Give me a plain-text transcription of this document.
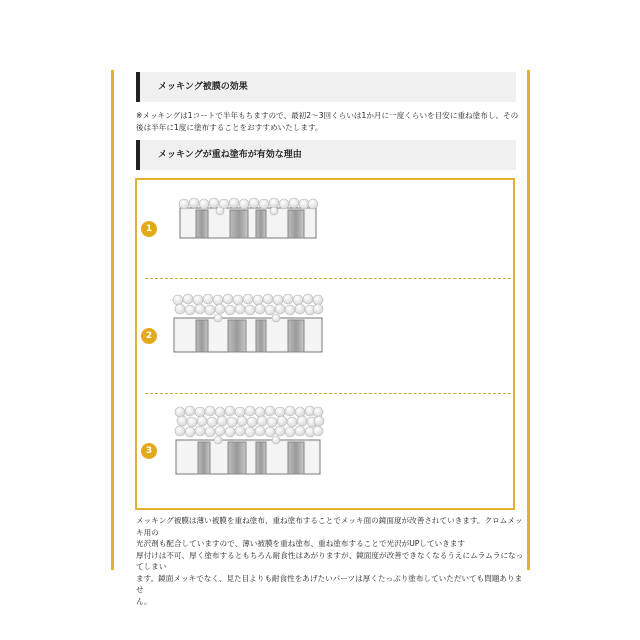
メッキング被膜の効果
※メッキングは1コートで半年もちますので、最初2～3回くらいは1か月に一度くらいを目安に重ね塗布し、その後は半年に1度に塗布することをおすすめいたします。
メッキングが重ね塗布が有効な理由
1
2
3
メッキング被膜は薄い被膜を重ね塗布、重ね塗布することでメッキ面の鏡面度が改善されていきます。クロムメッキ用の
光沢剤も配合していますので、薄い被膜を重ね塗布、重ね塗布することで光沢がUPしていきます
厚付けは不可、厚く塗布するともちろん耐食性はあがりますが、鏡面度が改善できなくなるうえにムラムラになってしまい
ます。鏡面メッキでなく、見た目よりも耐食性をあげたいパーツは厚くたっぷり塗布していただいても問題ありませ
ん。
